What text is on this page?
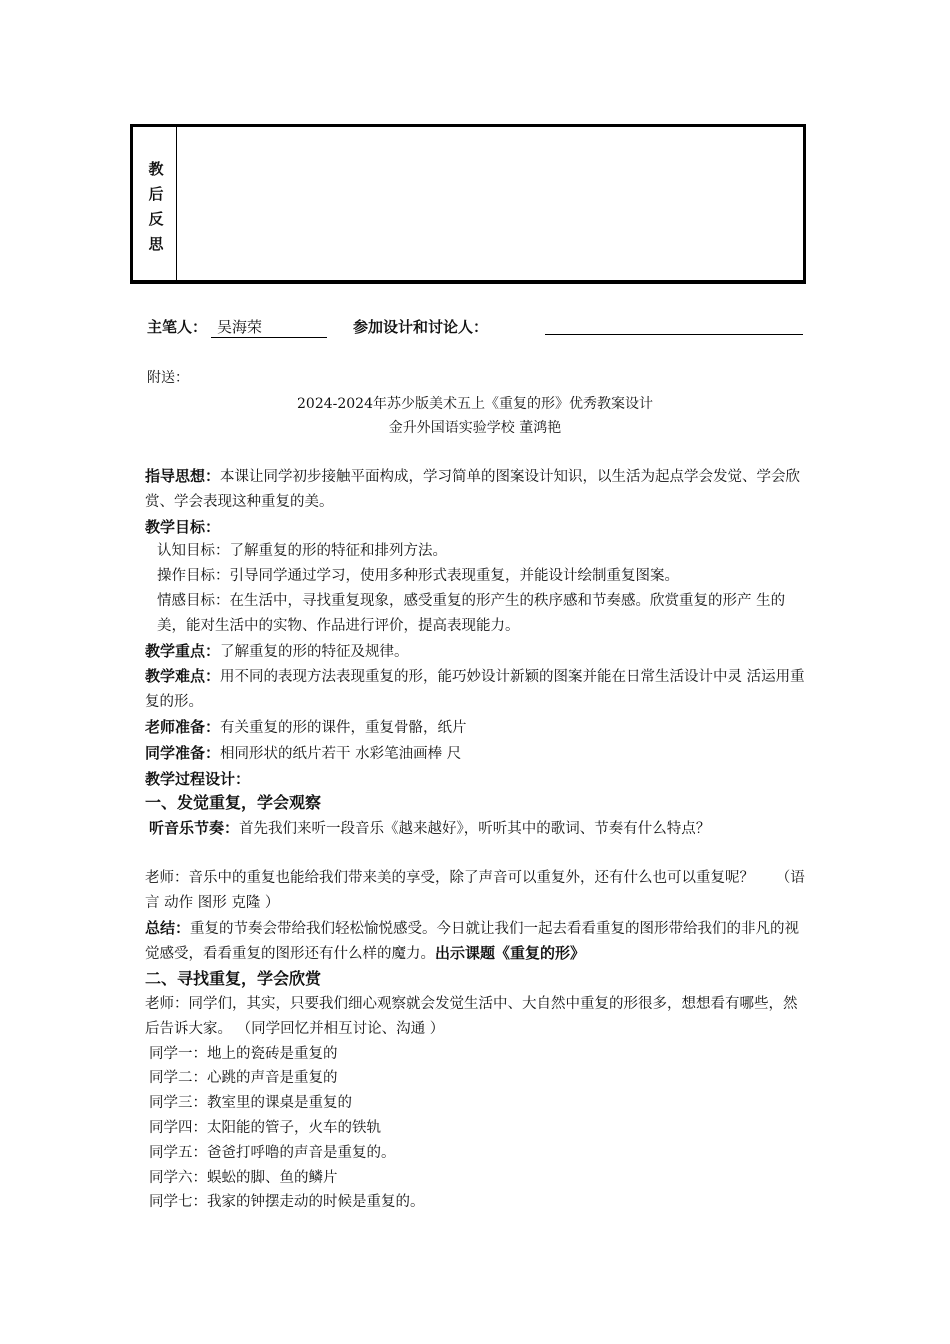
教
后
反
思
主笔人： 吴海荣	参加设计和讨论人：
附送：
2024-2024年苏少版美术五上《重复的形》优秀教案设计
金升外国语实验学校 董鸿艳

指导思想：本课让同学初步接触平面构成，学习简单的图案设计知识，以生活为起点学会发觉、学会欣赏、学会表现这种重复的美。

教学目标：

认知目标：了解重复的形的特征和排列方法。

操作目标：引导同学通过学习，使用多种形式表现重复，并能设计绘制重复图案。

情感目标：在生活中，寻找重复现象，感受重复的形产生的秩序感和节奏感。欣赏重复的形产 生的美，能对生活中的实物、作品进行评价，提高表现能力。

教学重点：了解重复的形的特征及规律。

教学难点：用不同的表现方法表现重复的形，能巧妙设计新颖的图案并能在日常生活设计中灵 活运用重复的形。

老师准备：有关重复的形的课件，重复骨骼，纸片

同学准备：相同形状的纸片若干 水彩笔油画棒 尺

教学过程设计：

一、发觉重复，学会观察

听音乐节奏：首先我们来听一段音乐《越来越好》，听听其中的歌词、节奏有什么特点？

老师：音乐中的重复也能给我们带来美的享受，除了声音可以重复外，还有什么也可以重复呢？　　（语言 动作 图形 克隆 ）

总结：重复的节奏会带给我们轻松愉悦感受。今日就让我们一起去看看重复的图形带给我们的非凡的视觉感受，看看重复的图形还有什么样的魔力。出示课题《重复的形》

二、寻找重复，学会欣赏

老师：同学们，其实，只要我们细心观察就会发觉生活中、大自然中重复的形很多，想想看有哪些，然后告诉大家。 （同学回忆并相互讨论、沟通 ）

同学一：地上的瓷砖是重复的

同学二：心跳的声音是重复的

同学三：教室里的课桌是重复的

同学四：太阳能的管子，火车的铁轨

同学五：爸爸打呼噜的声音是重复的。

同学六：蜈蚣的脚、鱼的鳞片

同学七：我家的钟摆走动的时候是重复的。
